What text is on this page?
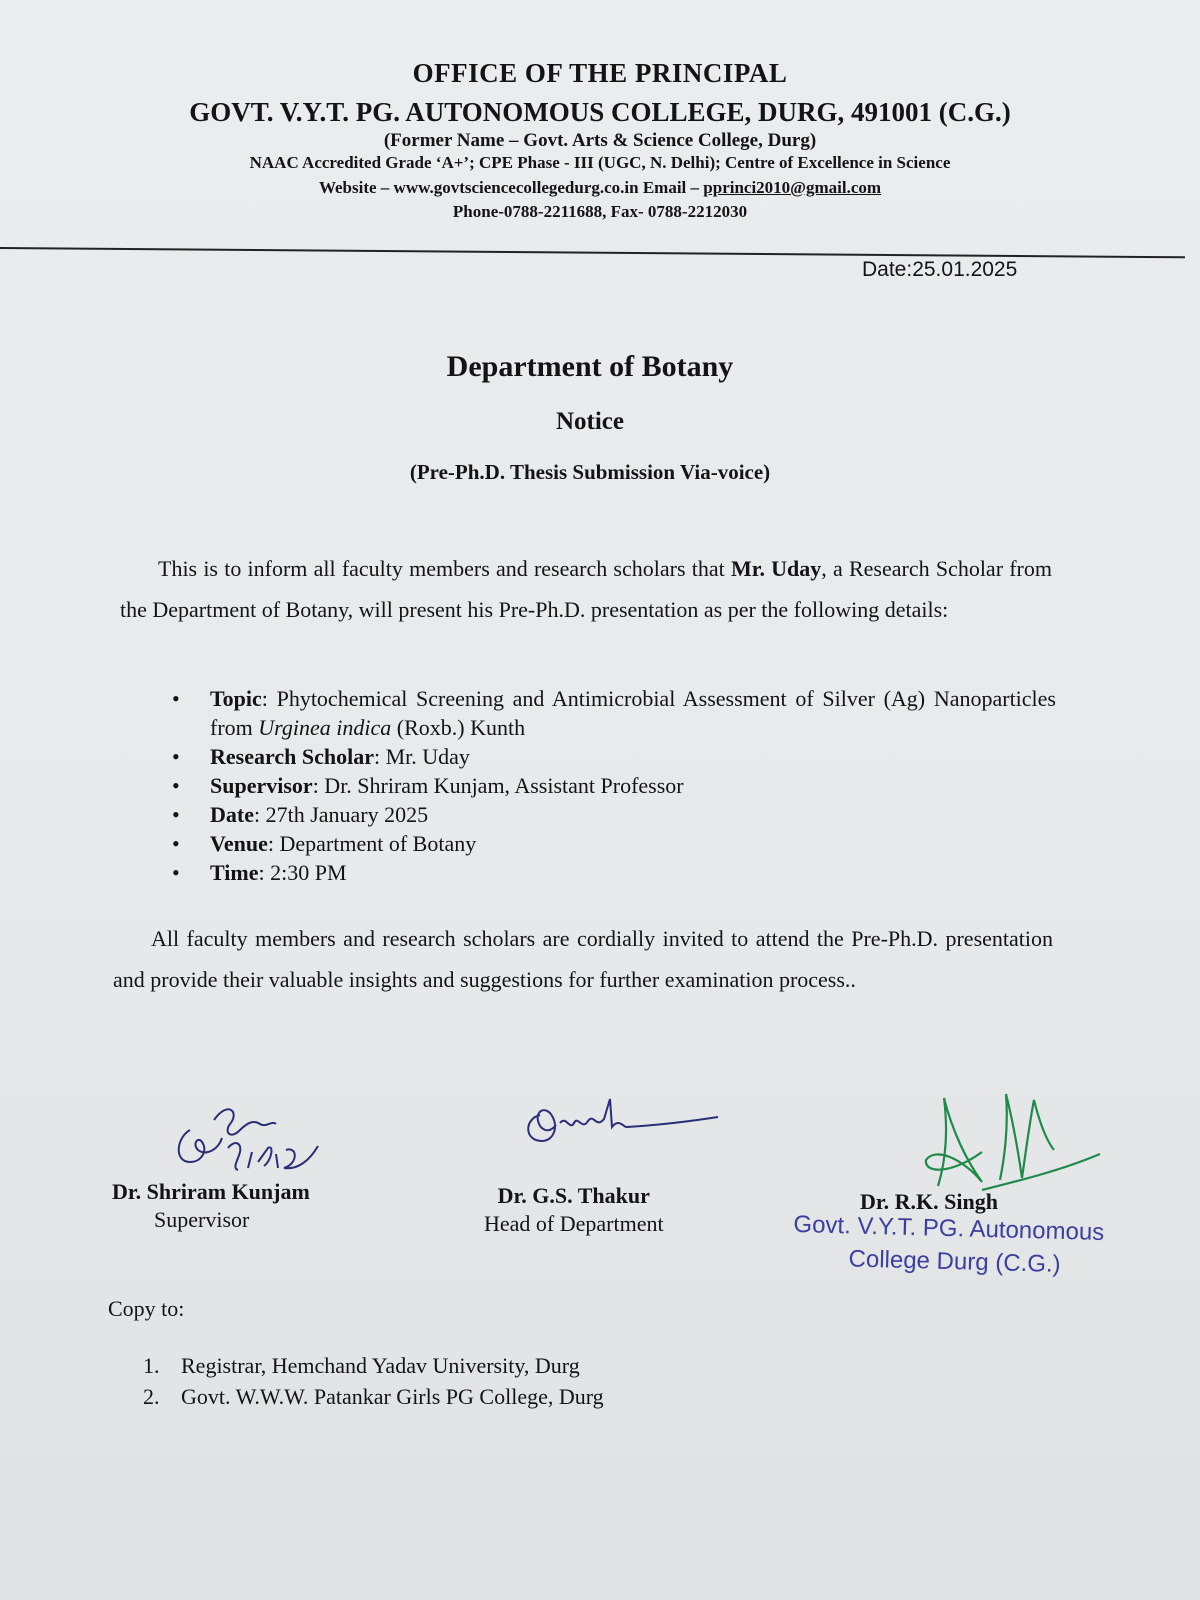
OFFICE OF THE PRINCIPAL
GOVT. V.Y.T. PG. AUTONOMOUS COLLEGE, DURG, 491001 (C.G.)
(Former Name – Govt. Arts & Science College, Durg)
NAAC Accredited Grade ‘A+’; CPE Phase - III (UGC, N. Delhi); Centre of Excellence in Science
Website – www.govtsciencecollegedurg.co.in Email – pprinci2010@gmail.com
Phone-0788-2211688, Fax- 0788-2212030
Date:25.01.2025
Department of Botany
Notice
(Pre-Ph.D. Thesis Submission Via-voice)
This is to inform all faculty members and research scholars that Mr. Uday, a Research Scholar from the Department of Botany, will present his Pre-Ph.D. presentation as per the following details:
• Topic: Phytochemical Screening and Antimicrobial Assessment of Silver (Ag) Nanoparticles from Urginea indica (Roxb.) Kunth
• Research Scholar: Mr. Uday
• Supervisor: Dr. Shriram Kunjam, Assistant Professor
• Date: 27th January 2025
• Venue: Department of Botany
• Time: 2:30 PM
All faculty members and research scholars are cordially invited to attend the Pre-Ph.D. presentation and provide their valuable insights and suggestions for further examination process..
Dr. Shriram Kunjam
Supervisor
Dr. G.S. Thakur
Head of Department
Dr. R.K. Singh
Govt. V.Y.T. PG. Autonomous
College Durg (C.G.)
Copy to:
1. Registrar, Hemchand Yadav University, Durg
2. Govt. W.W.W. Patankar Girls PG College, Durg
